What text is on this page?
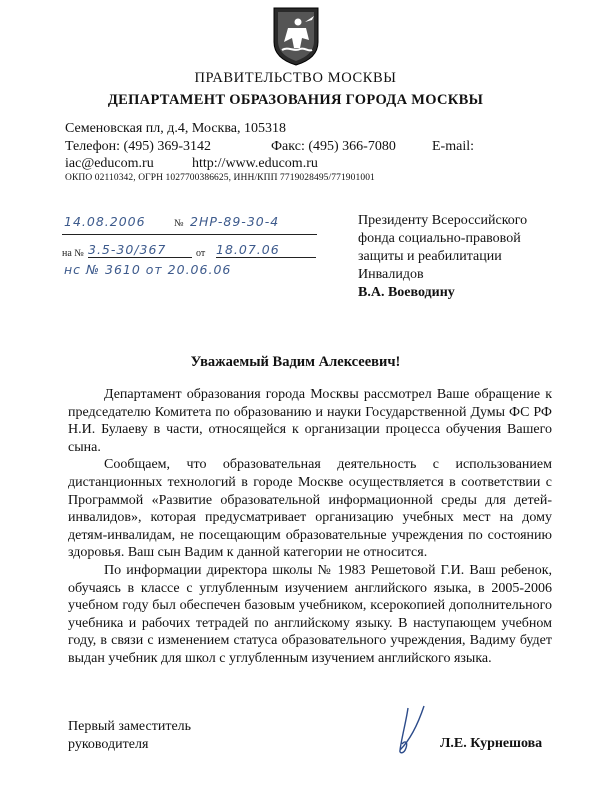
ПРАВИТЕЛЬСТВО МОСКВЫ
ДЕПАРТАМЕНТ ОБРАЗОВАНИЯ ГОРОДА МОСКВЫ
Семеновская пл, д.4, Москва, 105318
Телефон: (495) 369-3142	Факс: (495) 366-7080	E-mail:
iac@educom.ru	http://www.educom.ru
ОКПО 02110342, ОГРН 1027700386625, ИНН/КПП 7719028495/771901001
14.08.2006	№ 2НР-89-30-4
на № 3.5-30/367	от 18.07.06
нс № 3610 от 20.06.06
Президенту Всероссийского
фонда социально-правовой
защиты и реабилитации
Инвалидов
В.А. Воеводину
Уважаемый Вадим Алексеевич!

Департамент образования города Москвы рассмотрел Ваше обращение к председателю Комитета по образованию и науки Государственной Думы ФС РФ Н.И. Булаеву в части, относящейся к организации процесса обучения Вашего сына.

Сообщаем, что образовательная деятельность с использованием дистанционных технологий в городе Москве осуществляется в соответствии с Программой «Развитие образовательной информационной среды для детей-инвалидов», которая предусматривает организацию учебных мест на дому детям-инвалидам, не посещающим образовательные учреждения по состоянию здоровья. Ваш сын Вадим к данной категории не относится.

По информации директора школы № 1983 Решетовой Г.И. Ваш ребенок, обучаясь в классе с углубленным изучением английского языка, в 2005-2006 учебном году был обеспечен базовым учебником, ксерокопией дополнительного учебника и рабочих тетрадей по английскому языку. В наступающем учебном году, в связи с изменением статуса образовательного учреждения, Вадиму будет выдан учебник для школ с углубленным изучением английского языка.

Первый заместитель
руководителя	Л.Е. Курнешова
